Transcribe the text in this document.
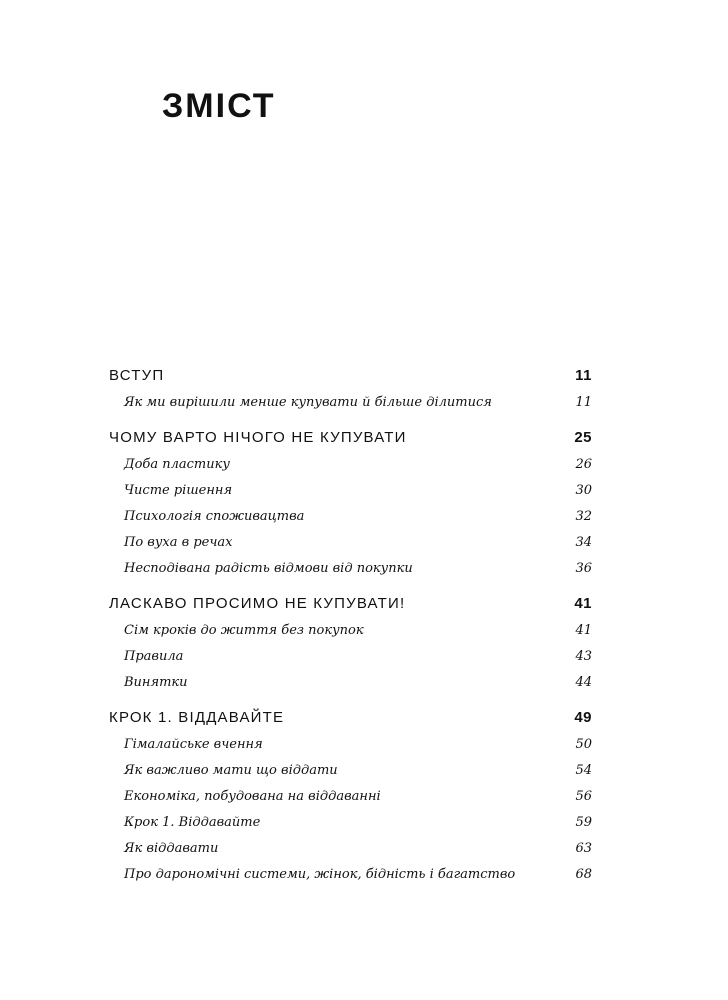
ЗМІСТ
ВСТУП	11
Як ми вирішили менше купувати й більше ділитися	11
ЧОМУ ВАРТО НІЧОГО НЕ КУПУВАТИ	25
Доба пластику	26
Чисте рішення	30
Психологія споживацтва	32
По вуха в речах	34
Несподівана радість відмови від покупки	36
ЛАСКАВО ПРОСИМО НЕ КУПУВАТИ!	41
Сім кроків до життя без покупок	41
Правила	43
Винятки	44
КРОК 1. ВІДДАВАЙТЕ	49
Гімалайське вчення	50
Як важливо мати що віддати	54
Економіка, побудована на віддаванні	56
Крок 1. Віддавайте	59
Як віддавати	63
Про дарономічні системи, жінок, бідність і багатство	68
